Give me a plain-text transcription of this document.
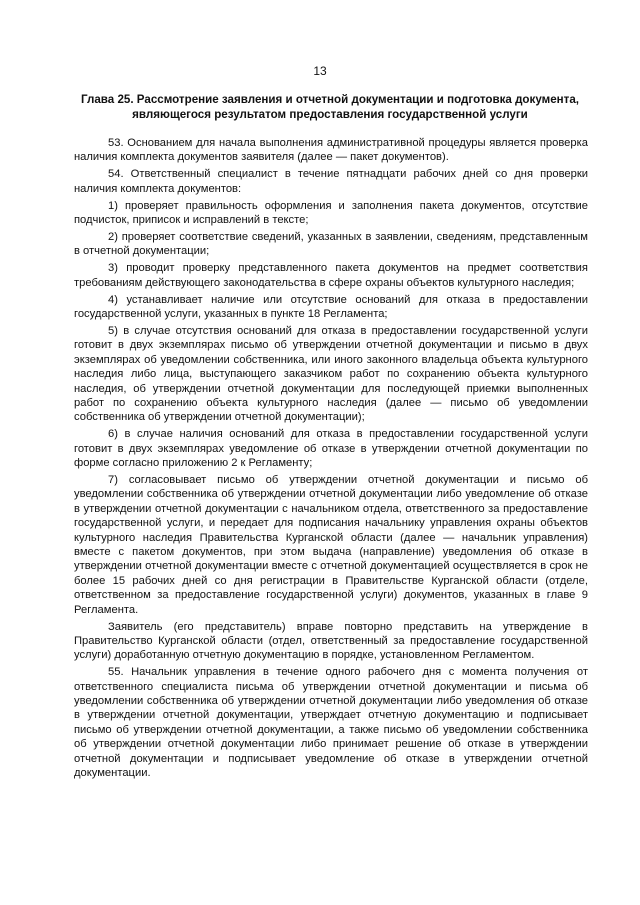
13
Глава 25. Рассмотрение заявления и отчетной документации и подготовка документа, являющегося результатом предоставления государственной услуги

53. Основанием для начала выполнения административной процедуры является проверка наличия комплекта документов заявителя (далее — пакет документов).

54. Ответственный специалист в течение пятнадцати рабочих дней со дня проверки наличия комплекта документов:

1) проверяет правильность оформления и заполнения пакета документов, отсутствие подчисток, приписок и исправлений в тексте;

2) проверяет соответствие сведений, указанных в заявлении, сведениям, представленным в отчетной документации;

3) проводит проверку представленного пакета документов на предмет соответствия требованиям действующего законодательства в сфере охраны объектов культурного наследия;

4) устанавливает наличие или отсутствие оснований для отказа в предоставлении государственной услуги, указанных в пункте 18 Регламента;

5) в случае отсутствия оснований для отказа в предоставлении государственной услуги готовит в двух экземплярах письмо об утверждении отчетной документации и письмо в двух экземплярах об уведомлении собственника, или иного законного владельца объекта культурного наследия либо лица, выступающего заказчиком работ по сохранению объекта культурного наследия, об утверждении отчетной документации для последующей приемки выполненных работ по сохранению объекта культурного наследия (далее — письмо об уведомлении собственника об утверждении отчетной документации);

6) в случае наличия оснований для отказа в предоставлении государственной услуги готовит в двух экземплярах уведомление об отказе в утверждении отчетной документации по форме согласно приложению 2 к Регламенту;

7) согласовывает письмо об утверждении отчетной документации и письмо об уведомлении собственника об утверждении отчетной документации либо уведомление об отказе в утверждении отчетной документации с начальником отдела, ответственного за предоставление государственной услуги, и передает для подписания начальнику управления охраны объектов культурного наследия Правительства Курганской области (далее — начальник управления) вместе с пакетом документов, при этом выдача (направление) уведомления об отказе в утверждении отчетной документации вместе с отчетной документацией осуществляется в срок не более 15 рабочих дней со дня регистрации в Правительстве Курганской области (отделе, ответственном за предоставление государственной услуги) документов, указанных в главе 9 Регламента.

Заявитель (его представитель) вправе повторно представить на утверждение в Правительство Курганской области (отдел, ответственный за предоставление государственной услуги) доработанную отчетную документацию в порядке, установленном Регламентом.

55. Начальник управления в течение одного рабочего дня с момента получения от ответственного специалиста письма об утверждении отчетной документации и письма об уведомлении собственника об утверждении отчетной документации либо уведомления об отказе в утверждении отчетной документации, утверждает отчетную документацию и подписывает письмо об утверждении отчетной документации, а также письмо об уведомлении собственника об утверждении отчетной документации либо принимает решение об отказе в утверждении отчетной документации и подписывает уведомление об отказе в утверждении отчетной документации.
